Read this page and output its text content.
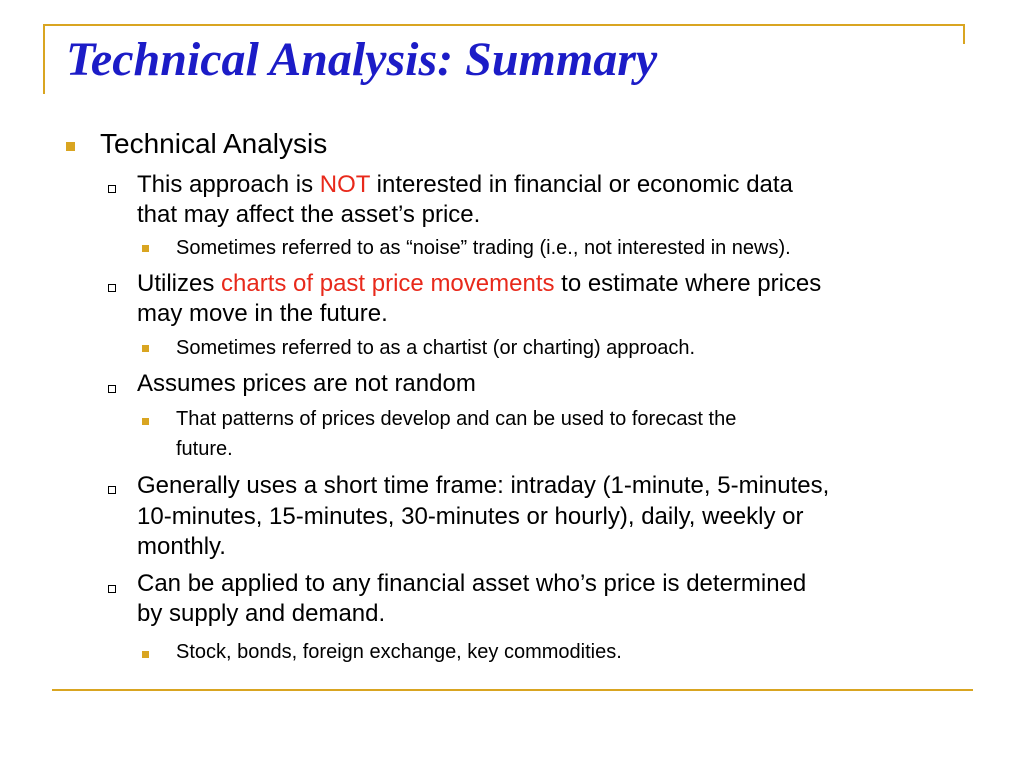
Technical Analysis: Summary

Technical Analysis

This approach is NOT interested in financial or economic data

that may affect the asset’s price.

Sometimes referred to as “noise” trading (i.e., not interested in news).

Utilizes charts of past price movements to estimate where prices

may move in the future.

Sometimes referred to as a chartist (or charting) approach.

Assumes prices are not random

That patterns of prices develop and can be used to forecast the

future.

Generally uses a short time frame: intraday (1-minute, 5-minutes,

10-minutes, 15-minutes, 30-minutes or hourly), daily, weekly or

monthly.

Can be applied to any financial asset who’s price is determined

by supply and demand.

Stock, bonds, foreign exchange, key commodities.
